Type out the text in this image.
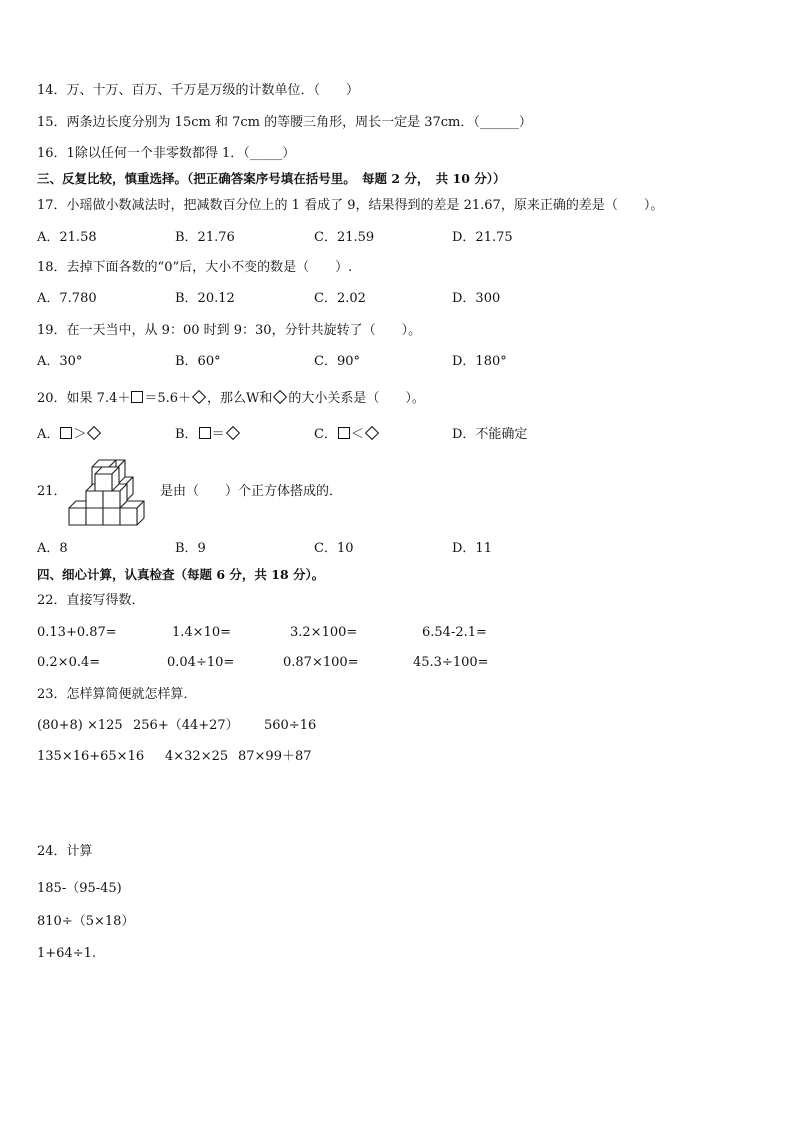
14．万、十万、百万、千万是万级的计数单位．（　　）
15．两条边长度分别为 15cm 和 7cm 的等腰三角形，周长一定是 37cm．（______）
16．1除以任何一个非零数都得 1．（_____）
三、反复比较，慎重选择。（把正确答案序号填在括号里。　每题 2 分，　共 10 分））
17．小瑶做小数减法时，把减数百分位上的 1 看成了 9，结果得到的差是 21.67，原来正确的差是（　　）。
A．21.58	B．21.76	C．21.59	D．21.75
18．去掉下面各数的“0”后，大小不变的数是（　　）.
A．7.780	B．20.12	C．2.02	D．300
19．在一天当中，从 9：00 时到 9：30，分针共旋转了（　　）。
A．30°	B．60°	C．90°	D．180°
20．如果 7.4＋ ＝5.6＋ ，那么W和 的大小关系是（　　）。
A． ＞	B． ＝	C． ＜	D．不能确定
21．	是由（　　）个正方体搭成的．
A．8	B．9	C．10	D．11
四、细心计算，认真检查（每题 6 分，共 18 分）。
22．直接写得数．
0.13+0.87=	1.4×10=	3.2×100=	6.54-2.1=
0.2×0.4=	0.04÷10=	0.87×100=	45.3÷100=
23．怎样算简便就怎样算．
(80+8) ×125 256+（44+27） 560÷16
135×16+65×16 4×32×25 87×99＋87
24．计算
185-（95-45)
810÷（5×18）
1+64÷1.
